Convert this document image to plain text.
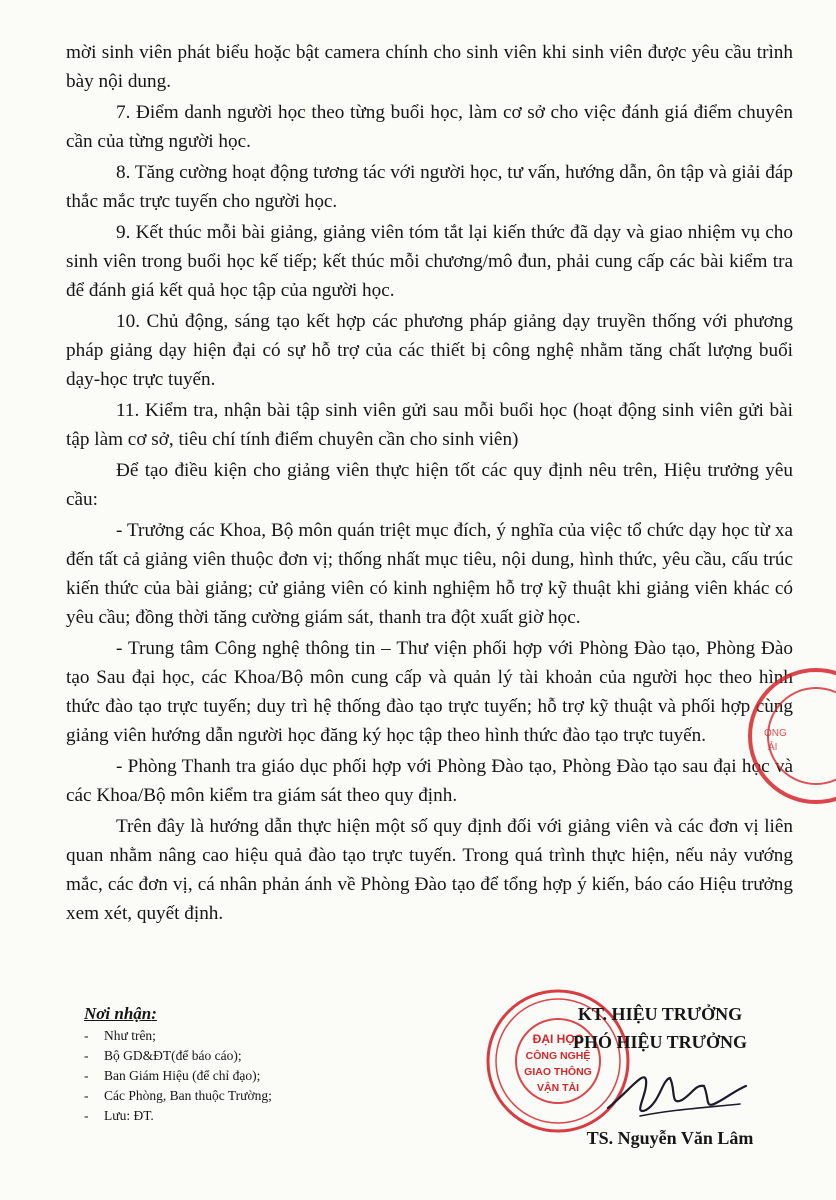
mời sinh viên phát biểu hoặc bật camera chính cho sinh viên khi sinh viên được yêu cầu trình bày nội dung.

7. Điểm danh người học theo từng buổi học, làm cơ sở cho việc đánh giá điểm chuyên cần của từng người học.

8. Tăng cường hoạt động tương tác với người học, tư vấn, hướng dẫn, ôn tập và giải đáp thắc mắc trực tuyến cho người học.

9. Kết thúc mỗi bài giảng, giảng viên tóm tắt lại kiến thức đã dạy và giao nhiệm vụ cho sinh viên trong buổi học kế tiếp; kết thúc mỗi chương/mô đun, phải cung cấp các bài kiểm tra để đánh giá kết quả học tập của người học.

10. Chủ động, sáng tạo kết hợp các phương pháp giảng dạy truyền thống với phương pháp giảng dạy hiện đại có sự hỗ trợ của các thiết bị công nghệ nhằm tăng chất lượng buổi dạy-học trực tuyến.

11. Kiểm tra, nhận bài tập sinh viên gửi sau mỗi buổi học (hoạt động sinh viên gửi bài tập làm cơ sở, tiêu chí tính điểm chuyên cần cho sinh viên)

Để tạo điều kiện cho giảng viên thực hiện tốt các quy định nêu trên, Hiệu trưởng yêu cầu:

- Trưởng các Khoa, Bộ môn quán triệt mục đích, ý nghĩa của việc tổ chức dạy học từ xa đến tất cả giảng viên thuộc đơn vị; thống nhất mục tiêu, nội dung, hình thức, yêu cầu, cấu trúc kiến thức của bài giảng; cử giảng viên có kinh nghiệm hỗ trợ kỹ thuật khi giảng viên khác có yêu cầu; đồng thời tăng cường giám sát, thanh tra đột xuất giờ học.

- Trung tâm Công nghệ thông tin – Thư viện phối hợp với Phòng Đào tạo, Phòng Đào tạo Sau đại học, các Khoa/Bộ môn cung cấp và quản lý tài khoản của người học theo hình thức đào tạo trực tuyến; duy trì hệ thống đào tạo trực tuyến; hỗ trợ kỹ thuật và phối hợp cùng giảng viên hướng dẫn người học đăng ký học tập theo hình thức đào tạo trực tuyến.

- Phòng Thanh tra giáo dục phối hợp với Phòng Đào tạo, Phòng Đào tạo sau đại học và các Khoa/Bộ môn kiểm tra giám sát theo quy định.

Trên đây là hướng dẫn thực hiện một số quy định đối với giảng viên và các đơn vị liên quan nhằm nâng cao hiệu quả đào tạo trực tuyến. Trong quá trình thực hiện, nếu nảy vướng mắc, các đơn vị, cá nhân phản ánh về Phòng Đào tạo để tổng hợp ý kiến, báo cáo Hiệu trưởng xem xét, quyết định.

ỌNG
ẢI
Nơi nhận:
- Như trên;
- Bộ GD&ĐT(để báo cáo);
- Ban Giám Hiệu (để chỉ đạo);
- Các Phòng, Ban thuộc Trường;
- Lưu: ĐT.
ĐẠI HỌC
CÔNG NGHỆ
GIAO THÔNG
VẬN TẢI
KT. HIỆU TRƯỞNG
PHÓ HIỆU TRƯỞNG
TS. Nguyễn Văn Lâm
